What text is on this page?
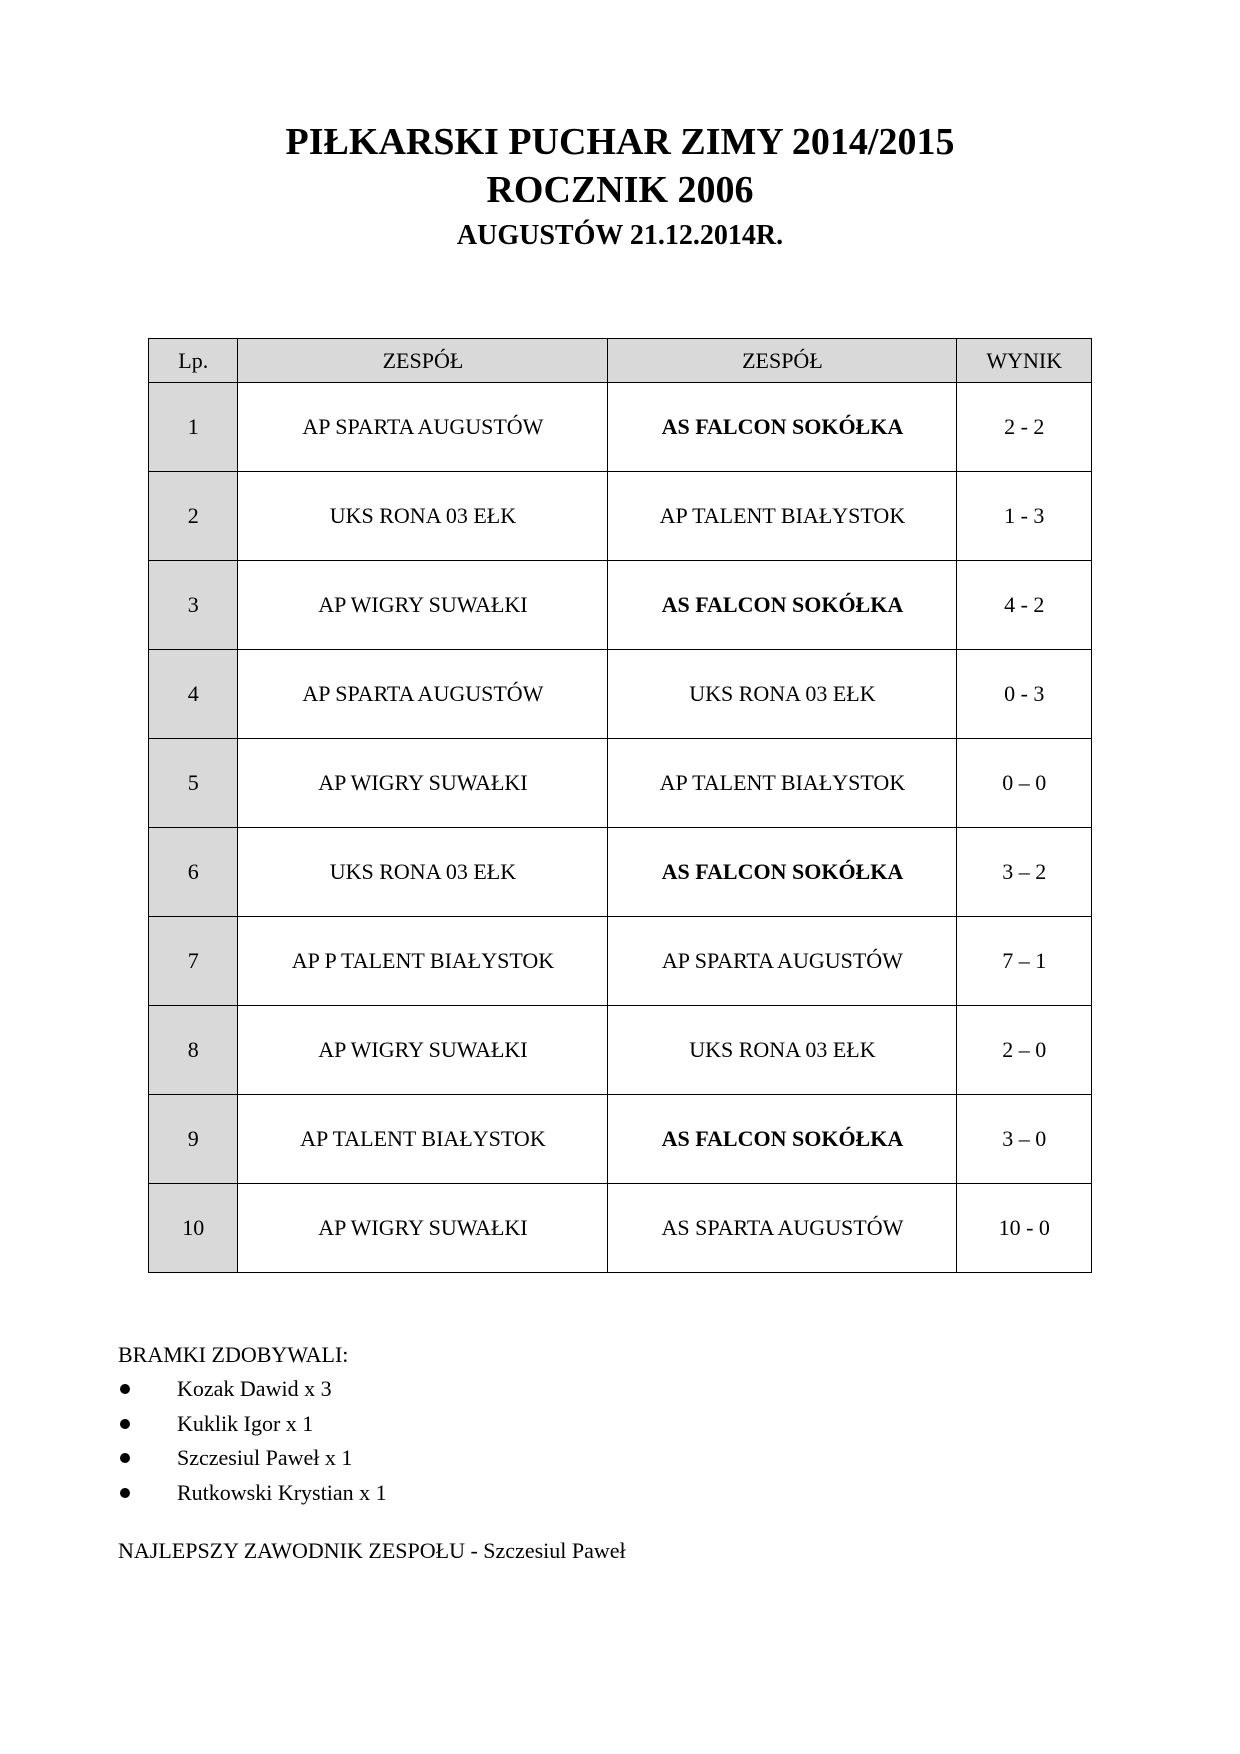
PIŁKARSKI PUCHAR ZIMY 2014/2015
ROCZNIK 2006
AUGUSTÓW 21.12.2014R.
Lp.	ZESPÓŁ	ZESPÓŁ	WYNIK
1	AP SPARTA AUGUSTÓW	AS FALCON SOKÓŁKA	2 - 2
2	UKS RONA 03 EŁK	AP TALENT BIAŁYSTOK	1 - 3
3	AP WIGRY SUWAŁKI	AS FALCON SOKÓŁKA	4 - 2
4	AP SPARTA AUGUSTÓW	UKS RONA 03 EŁK	0 - 3
5	AP WIGRY SUWAŁKI	AP TALENT BIAŁYSTOK	0 – 0
6	UKS RONA 03 EŁK	AS FALCON SOKÓŁKA	3 – 2
7	AP P TALENT BIAŁYSTOK	AP SPARTA AUGUSTÓW	7 – 1
8	AP WIGRY SUWAŁKI	UKS RONA 03 EŁK	2 – 0
9	AP TALENT BIAŁYSTOK	AS FALCON SOKÓŁKA	3 – 0
10	AP WIGRY SUWAŁKI	AS SPARTA AUGUSTÓW	10 - 0
BRAMKI ZDOBYWALI:
Kozak Dawid x 3
Kuklik Igor x 1
Szczesiul Paweł x 1
Rutkowski Krystian x 1
NAJLEPSZY ZAWODNIK ZESPOŁU - Szczesiul Paweł
